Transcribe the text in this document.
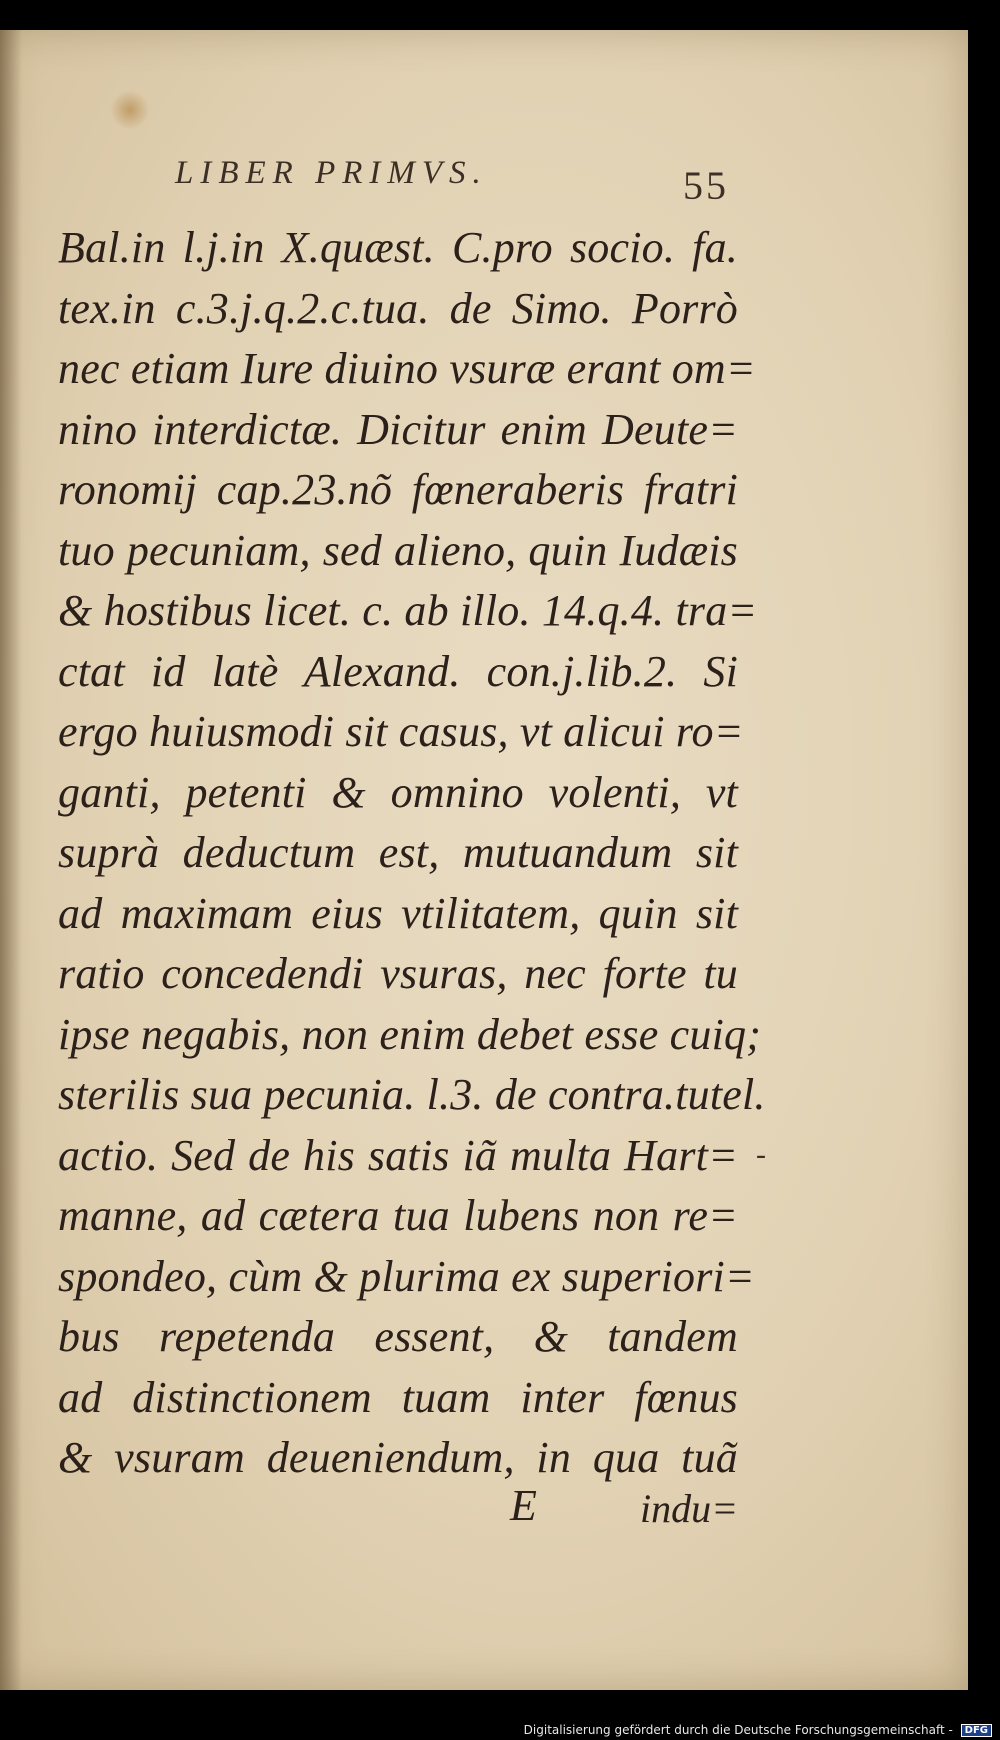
LIBER PRIMVS.	55
Bal.in l.j.in X.quæst. C.pro socio. fa.
tex.in c.3.j.q.2.c.tua. de Simo. Porrò
nec etiam Iure diuino vsuræ erant om=
nino interdictæ. Dicitur enim Deute=
ronomij cap.23.nõ fœneraberis fratri
tuo pecuniam, sed alieno, quin Iudæis
& hostibus licet. c. ab illo. 14.q.4. tra=
ctat id latè Alexand. con.j.lib.2. Si
ergo huiusmodi sit casus, vt alicui ro=
ganti, petenti & omnino volenti, vt
suprà deductum est, mutuandum sit
ad maximam eius vtilitatem, quin sit
ratio concedendi vsuras, nec forte tu
ipse negabis, non enim debet esse cuiq;
sterilis sua pecunia. l.3. de contra.tutel.
actio. Sed de his satis iã multa Hart=
manne, ad cætera tua lubens non re=
spondeo, cùm & plurima ex superiori=
bus repetenda essent, & tandem
ad distinctionem tuam inter fœnus
& vsuram deueniendum, in qua tuã
-
E	indu=
Digitalisierung gefördert durch die Deutsche Forschungsgemeinschaft - DFG
